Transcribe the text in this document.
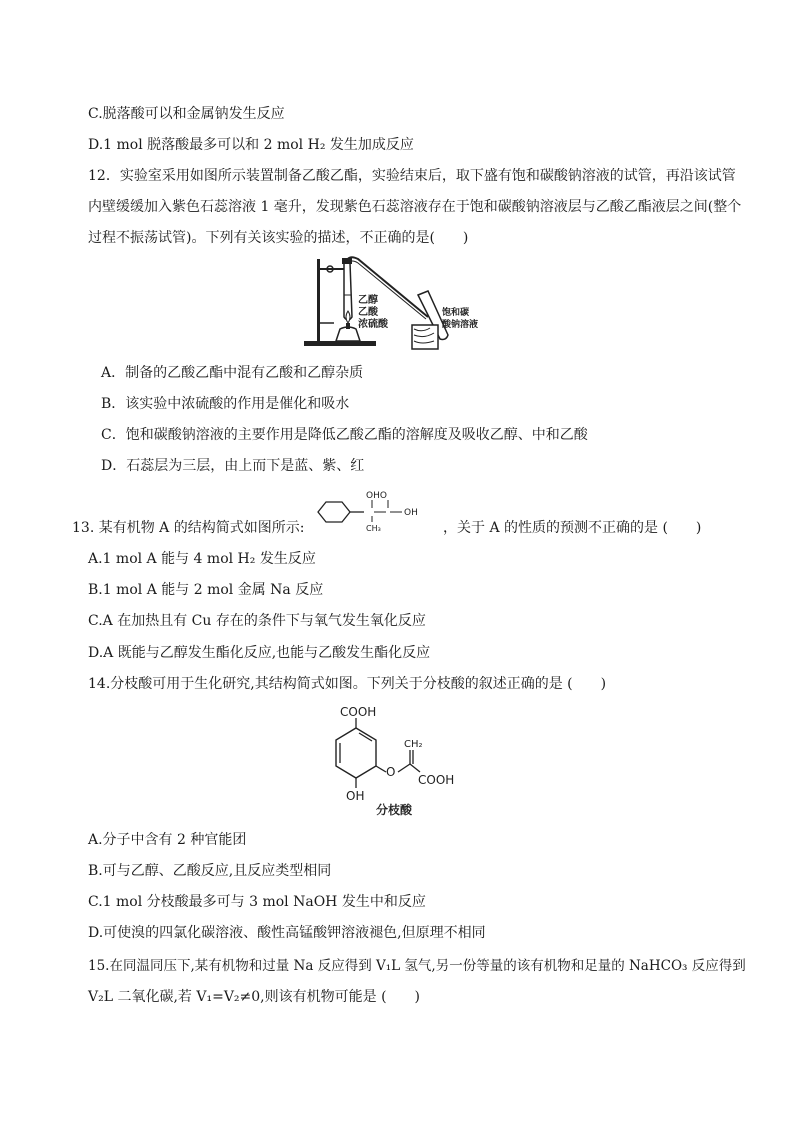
C.脱落酸可以和金属钠发生反应
D.1 mol 脱落酸最多可以和 2 mol H₂ 发生加成反应
12．实验室采用如图所示装置制备乙酸乙酯，实验结束后，取下盛有饱和碳酸钠溶液的试管，再沿该试管
内壁缓缓加入紫色石蕊溶液 1 毫升，发现紫色石蕊溶液存在于饱和碳酸钠溶液层与乙酸乙酯液层之间(整个
过程不振荡试管)。下列有关该实验的描述，不正确的是(　　)
乙醇
乙酸
浓硫酸
饱和碳
酸钠溶液
A．制备的乙酸乙酯中混有乙酸和乙醇杂质
B．该实验中浓硫酸的作用是催化和吸水
C．饱和碳酸钠溶液的主要作用是降低乙酸乙酯的溶解度及吸收乙醇、中和乙酸
D．石蕊层为三层，由上而下是蓝、紫、红
13. 某有机物 A 的结构简式如图所示:
OHO
OH
CH₃	，关于 A 的性质的预测不正确的是 (　　)
A.1 mol A 能与 4 mol H₂ 发生反应
B.1 mol A 能与 2 mol 金属 Na 反应
C.A 在加热且有 Cu 存在的条件下与氧气发生氧化反应
D.A 既能与乙醇发生酯化反应,也能与乙酸发生酯化反应
14.分枝酸可用于生化研究,其结构简式如图。下列关于分枝酸的叙述正确的是 (　　)
COOH
CH₂
O
COOH
OH
分枝酸
A.分子中含有 2 种官能团
B.可与乙醇、乙酸反应,且反应类型相同
C.1 mol 分枝酸最多可与 3 mol NaOH 发生中和反应
D.可使溴的四氯化碳溶液、酸性高锰酸钾溶液褪色,但原理不相同
15.在同温同压下,某有机物和过量 Na 反应得到 V₁L 氢气,另一份等量的该有机物和足量的 NaHCO₃ 反应得到
V₂L 二氧化碳,若 V₁=V₂≠0,则该有机物可能是 (　　)
